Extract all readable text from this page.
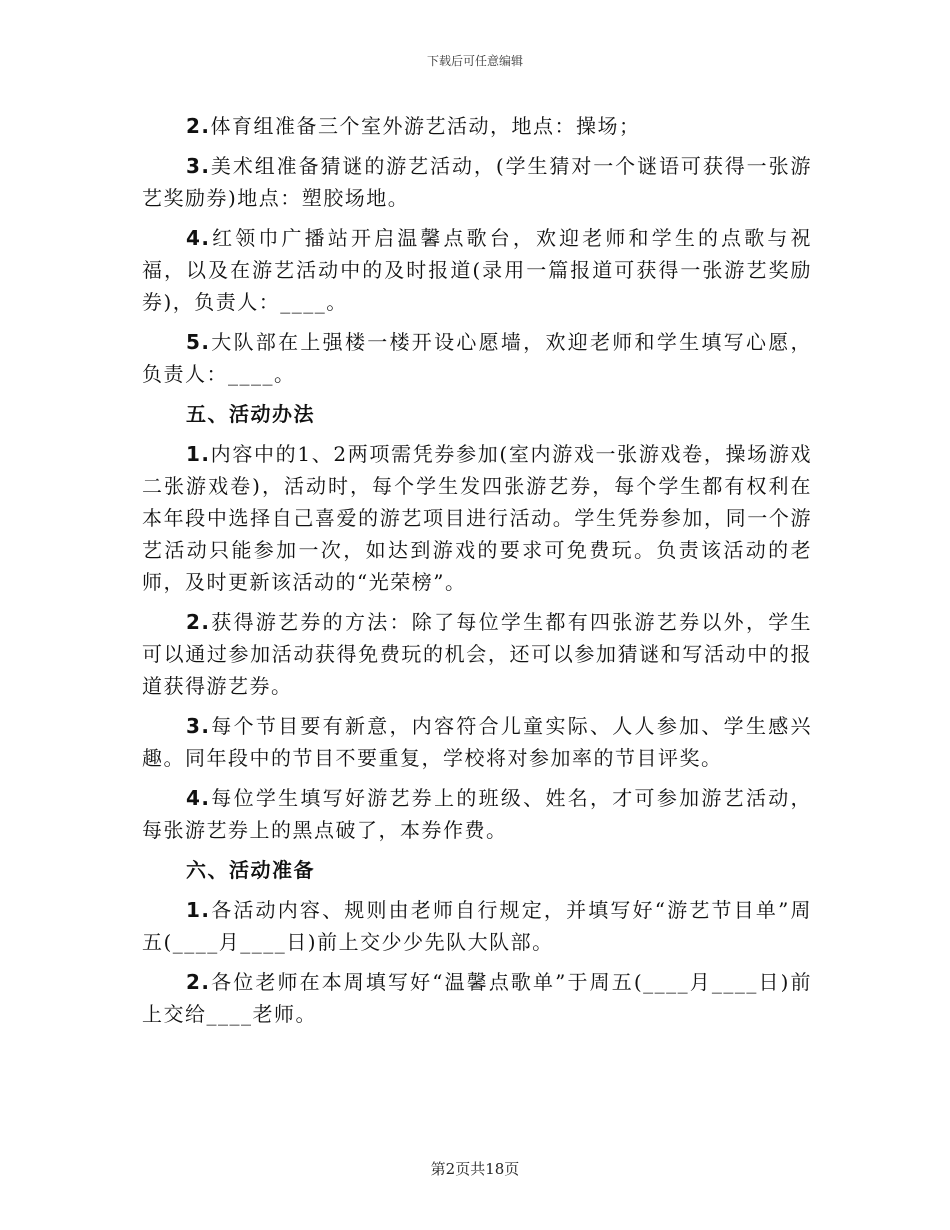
下载后可任意编辑

2.体育组准备三个室外游艺活动，地点：操场；

3.美术组准备猜谜的游艺活动，(学生猜对一个谜语可获得一张游艺奖励券)地点：塑胶场地。

4.红领巾广播站开启温馨点歌台，欢迎老师和学生的点歌与祝福，以及在游艺活动中的及时报道(录用一篇报道可获得一张游艺奖励券)，负责人：____。

5.大队部在上强楼一楼开设心愿墙，欢迎老师和学生填写心愿，负责人：____。

五、活动办法

1.内容中的1、2两项需凭券参加(室内游戏一张游戏卷，操场游戏二张游戏卷)，活动时，每个学生发四张游艺券，每个学生都有权利在本年段中选择自己喜爱的游艺项目进行活动。学生凭券参加，同一个游艺活动只能参加一次，如达到游戏的要求可免费玩。负责该活动的老师，及时更新该活动的“光荣榜”。

2.获得游艺券的方法：除了每位学生都有四张游艺券以外，学生可以通过参加活动获得免费玩的机会，还可以参加猜谜和写活动中的报道获得游艺券。

3.每个节目要有新意，内容符合儿童实际、人人参加、学生感兴趣。同年段中的节目不要重复，学校将对参加率的节目评奖。

4.每位学生填写好游艺券上的班级、姓名，才可参加游艺活动，每张游艺券上的黑点破了，本券作费。

六、活动准备

1.各活动内容、规则由老师自行规定，并填写好“游艺节目单”周五(____月____日)前上交少少先队大队部。

2.各位老师在本周填写好“温馨点歌单”于周五(____月____日)前上交给____老师。

第2页共18页
